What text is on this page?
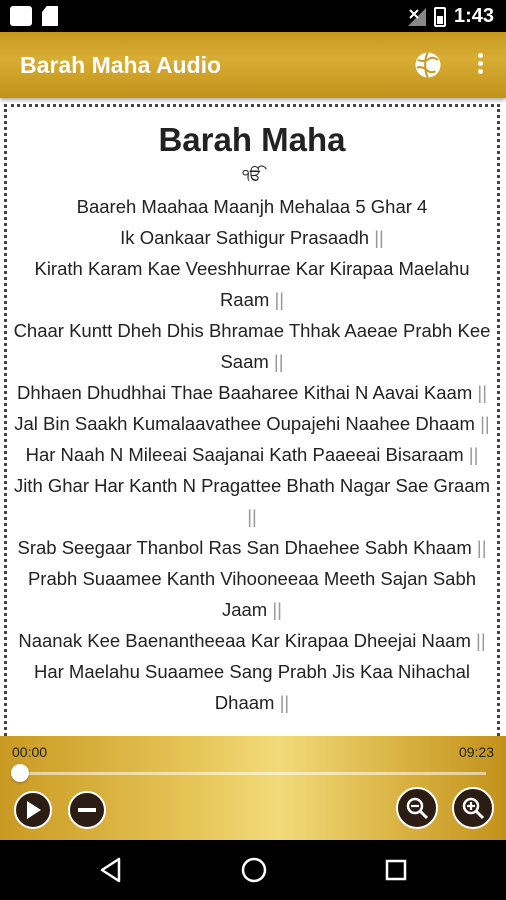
1:43
Barah Maha Audio
Barah Maha
ੴ
Baareh Maahaa Maanjh Mehalaa 5 Ghar 4
Ik Oankaar Sathigur Prasaadh ||
Kirath Karam Kae Veeshhurrae Kar Kirapaa Maelahu Raam ||
Chaar Kuntt Dheh Dhis Bhramae Thhak Aaeae Prabh Kee Saam ||
Dhhaen Dhudhhai Thae Baaharee Kithai N Aavai Kaam ||
Jal Bin Saakh Kumalaavathee Oupajehi Naahee Dhaam ||
Har Naah N Mileeai Saajanai Kath Paaeeai Bisaraam ||
Jith Ghar Har Kanth N Pragattee Bhath Nagar Sae Graam ||
Srab Seegaar Thanbol Ras San Dhaehee Sabh Khaam ||
Prabh Suaamee Kanth Vihooneeaa Meeth Sajan Sabh Jaam ||
Naanak Kee Baenantheeaa Kar Kirapaa Dheejai Naam ||
Har Maelahu Suaamee Sang Prabh Jis Kaa Nihachal Dhaam ||
00:00	09:23
